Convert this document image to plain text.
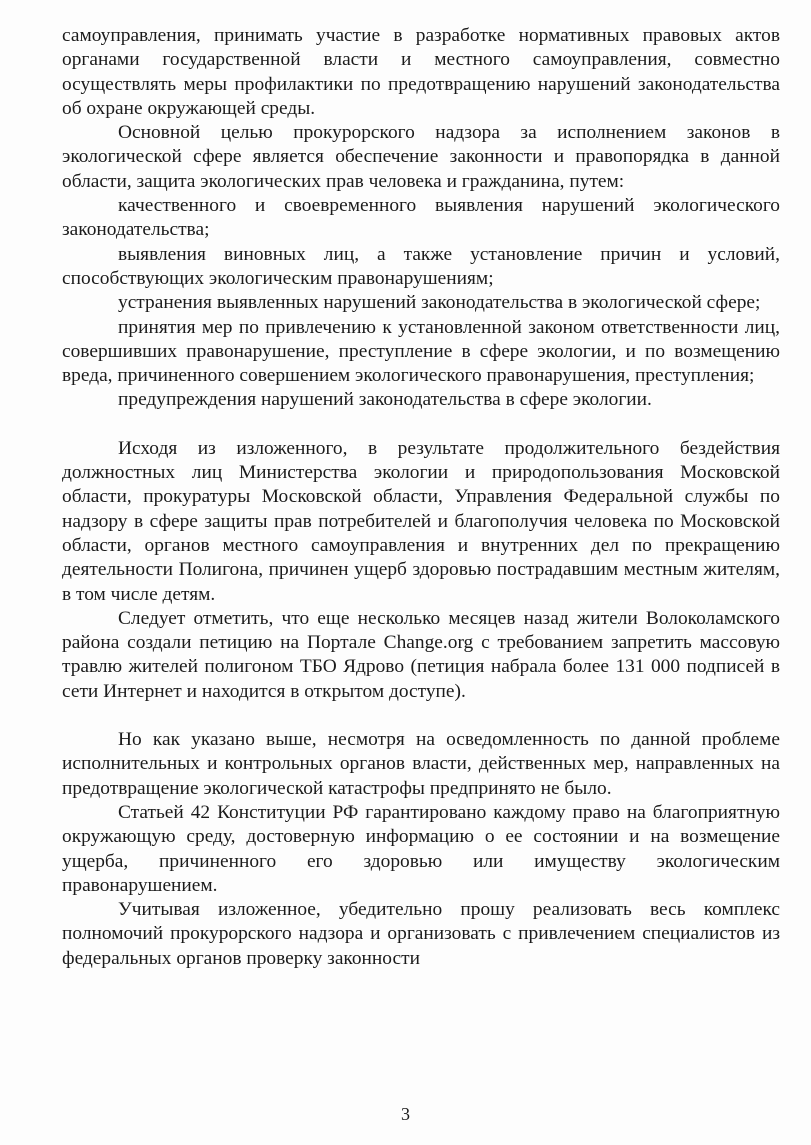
самоуправления, принимать участие в разработке нормативных правовых актов органами государственной власти и местного самоуправления, совместно осуществлять меры профилактики по предотвращению нарушений законодательства об охране окружающей среды.

Основной целью прокурорского надзора за исполнением законов в экологической сфере является обеспечение законности и правопорядка в данной области, защита экологических прав человека и гражданина, путем:

качественного и своевременного выявления нарушений экологического законодательства;

выявления виновных лиц, а также установление причин и условий, способствующих экологическим правонарушениям;

устранения выявленных нарушений законодательства в экологической сфере;

принятия мер по привлечению к установленной законом ответственности лиц, совершивших правонарушение, преступление в сфере экологии, и по возмещению вреда, причиненного совершением экологического правонарушения, преступления;

предупреждения нарушений законодательства в сфере экологии.

Исходя из изложенного, в результате продолжительного бездействия должностных лиц Министерства экологии и природопользования Московской области, прокуратуры Московской области, Управления Федеральной службы по надзору в сфере защиты прав потребителей и благополучия человека по Московской области, органов местного самоуправления и внутренних дел по прекращению деятельности Полигона, причинен ущерб здоровью пострадавшим местным жителям, в том числе детям.

Следует отметить, что еще несколько месяцев назад жители Волоколамского района создали петицию на Портале Change.org с требованием запретить массовую травлю жителей полигоном ТБО Ядрово (петиция набрала более 131 000 подписей в сети Интернет и находится в открытом доступе).

Но как указано выше, несмотря на осведомленность по данной проблеме исполнительных и контрольных органов власти, действенных мер, направленных на предотвращение экологической катастрофы предпринято не было.

Статьей 42 Конституции РФ гарантировано каждому право на благоприятную окружающую среду, достоверную информацию о ее состоянии и на возмещение ущерба, причиненного его здоровью или имуществу экологическим правонарушением.

Учитывая изложенное, убедительно прошу реализовать весь комплекс полномочий прокурорского надзора и организовать с привлечением специалистов из федеральных органов проверку законности

3
